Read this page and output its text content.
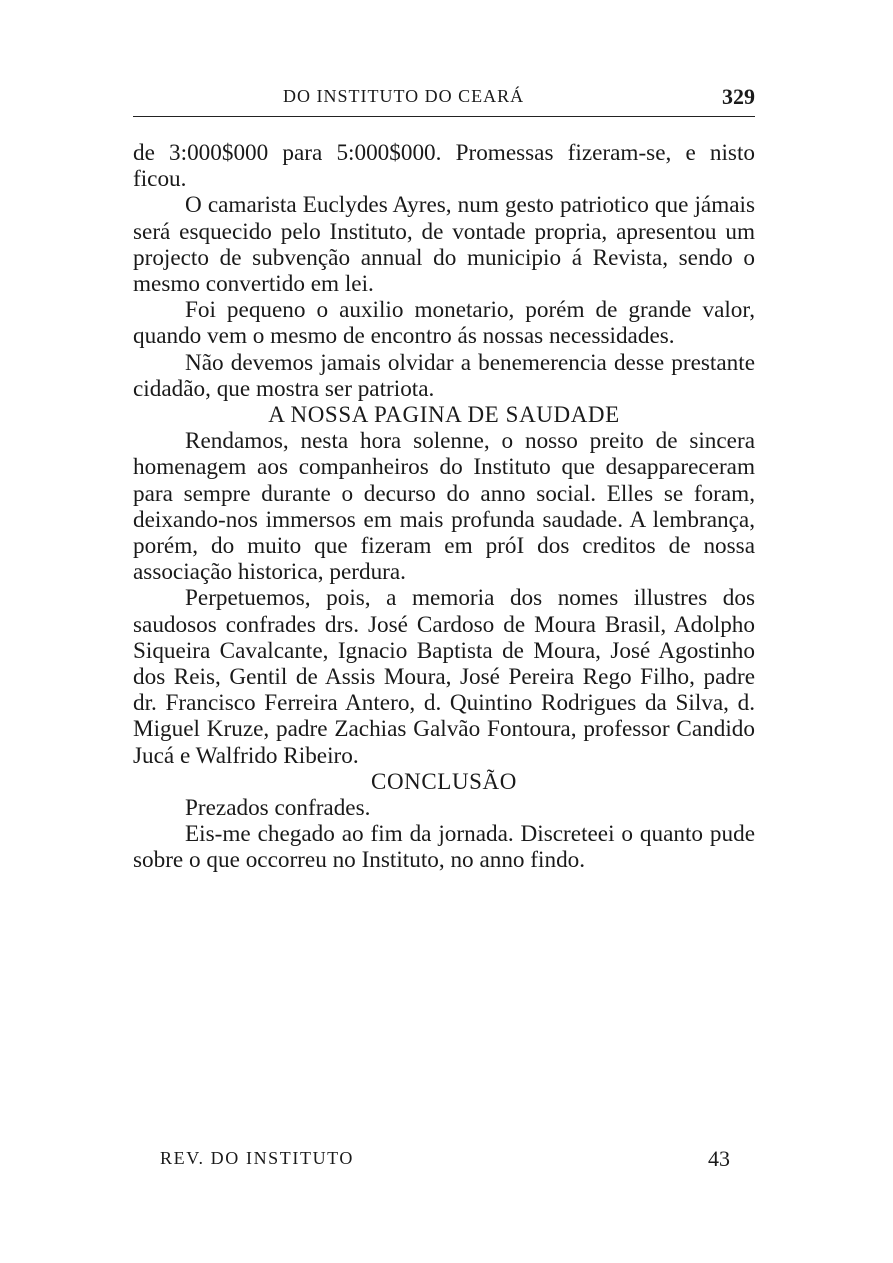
DO INSTITUTO DO CEARÁ	329

de 3:000$000 para 5:000$000. Promessas fizeram-se, e nisto ficou.

O camarista Euclydes Ayres, num gesto patriotico que jámais será esquecido pelo Instituto, de vontade propria, apresentou um projecto de subvenção annual do municipio á Revista, sendo o mesmo convertido em lei.

Foi pequeno o auxilio monetario, porém de grande valor, quando vem o mesmo de encontro ás nossas necessidades.

Não devemos jamais olvidar a benemerencia desse prestante cidadão, que mostra ser patriota.

A NOSSA PAGINA DE SAUDADE

Rendamos, nesta hora solenne, o nosso preito de sincera homenagem aos companheiros do Instituto que desappareceram para sempre durante o decurso do anno social. Elles se foram, deixando-nos immersos em mais profunda saudade. A lembrança, porém, do muito que fizeram em próI dos creditos de nossa associação historica, perdura.

Perpetuemos, pois, a memoria dos nomes illustres dos saudosos confrades drs. José Cardoso de Moura Brasil, Adolpho Siqueira Cavalcante, Ignacio Baptista de Moura, José Agostinho dos Reis, Gentil de Assis Moura, José Pereira Rego Filho, padre dr. Francisco Ferreira Antero, d. Quintino Rodrigues da Silva, d. Miguel Kruze, padre Zachias Galvão Fontoura, professor Candido Jucá e Walfrido Ribeiro.

CONCLUSÃO

Prezados confrades.

Eis-me chegado ao fim da jornada. Discreteei o quanto pude sobre o que occorreu no Instituto, no anno findo.

REV. DO INSTITUTO	43
